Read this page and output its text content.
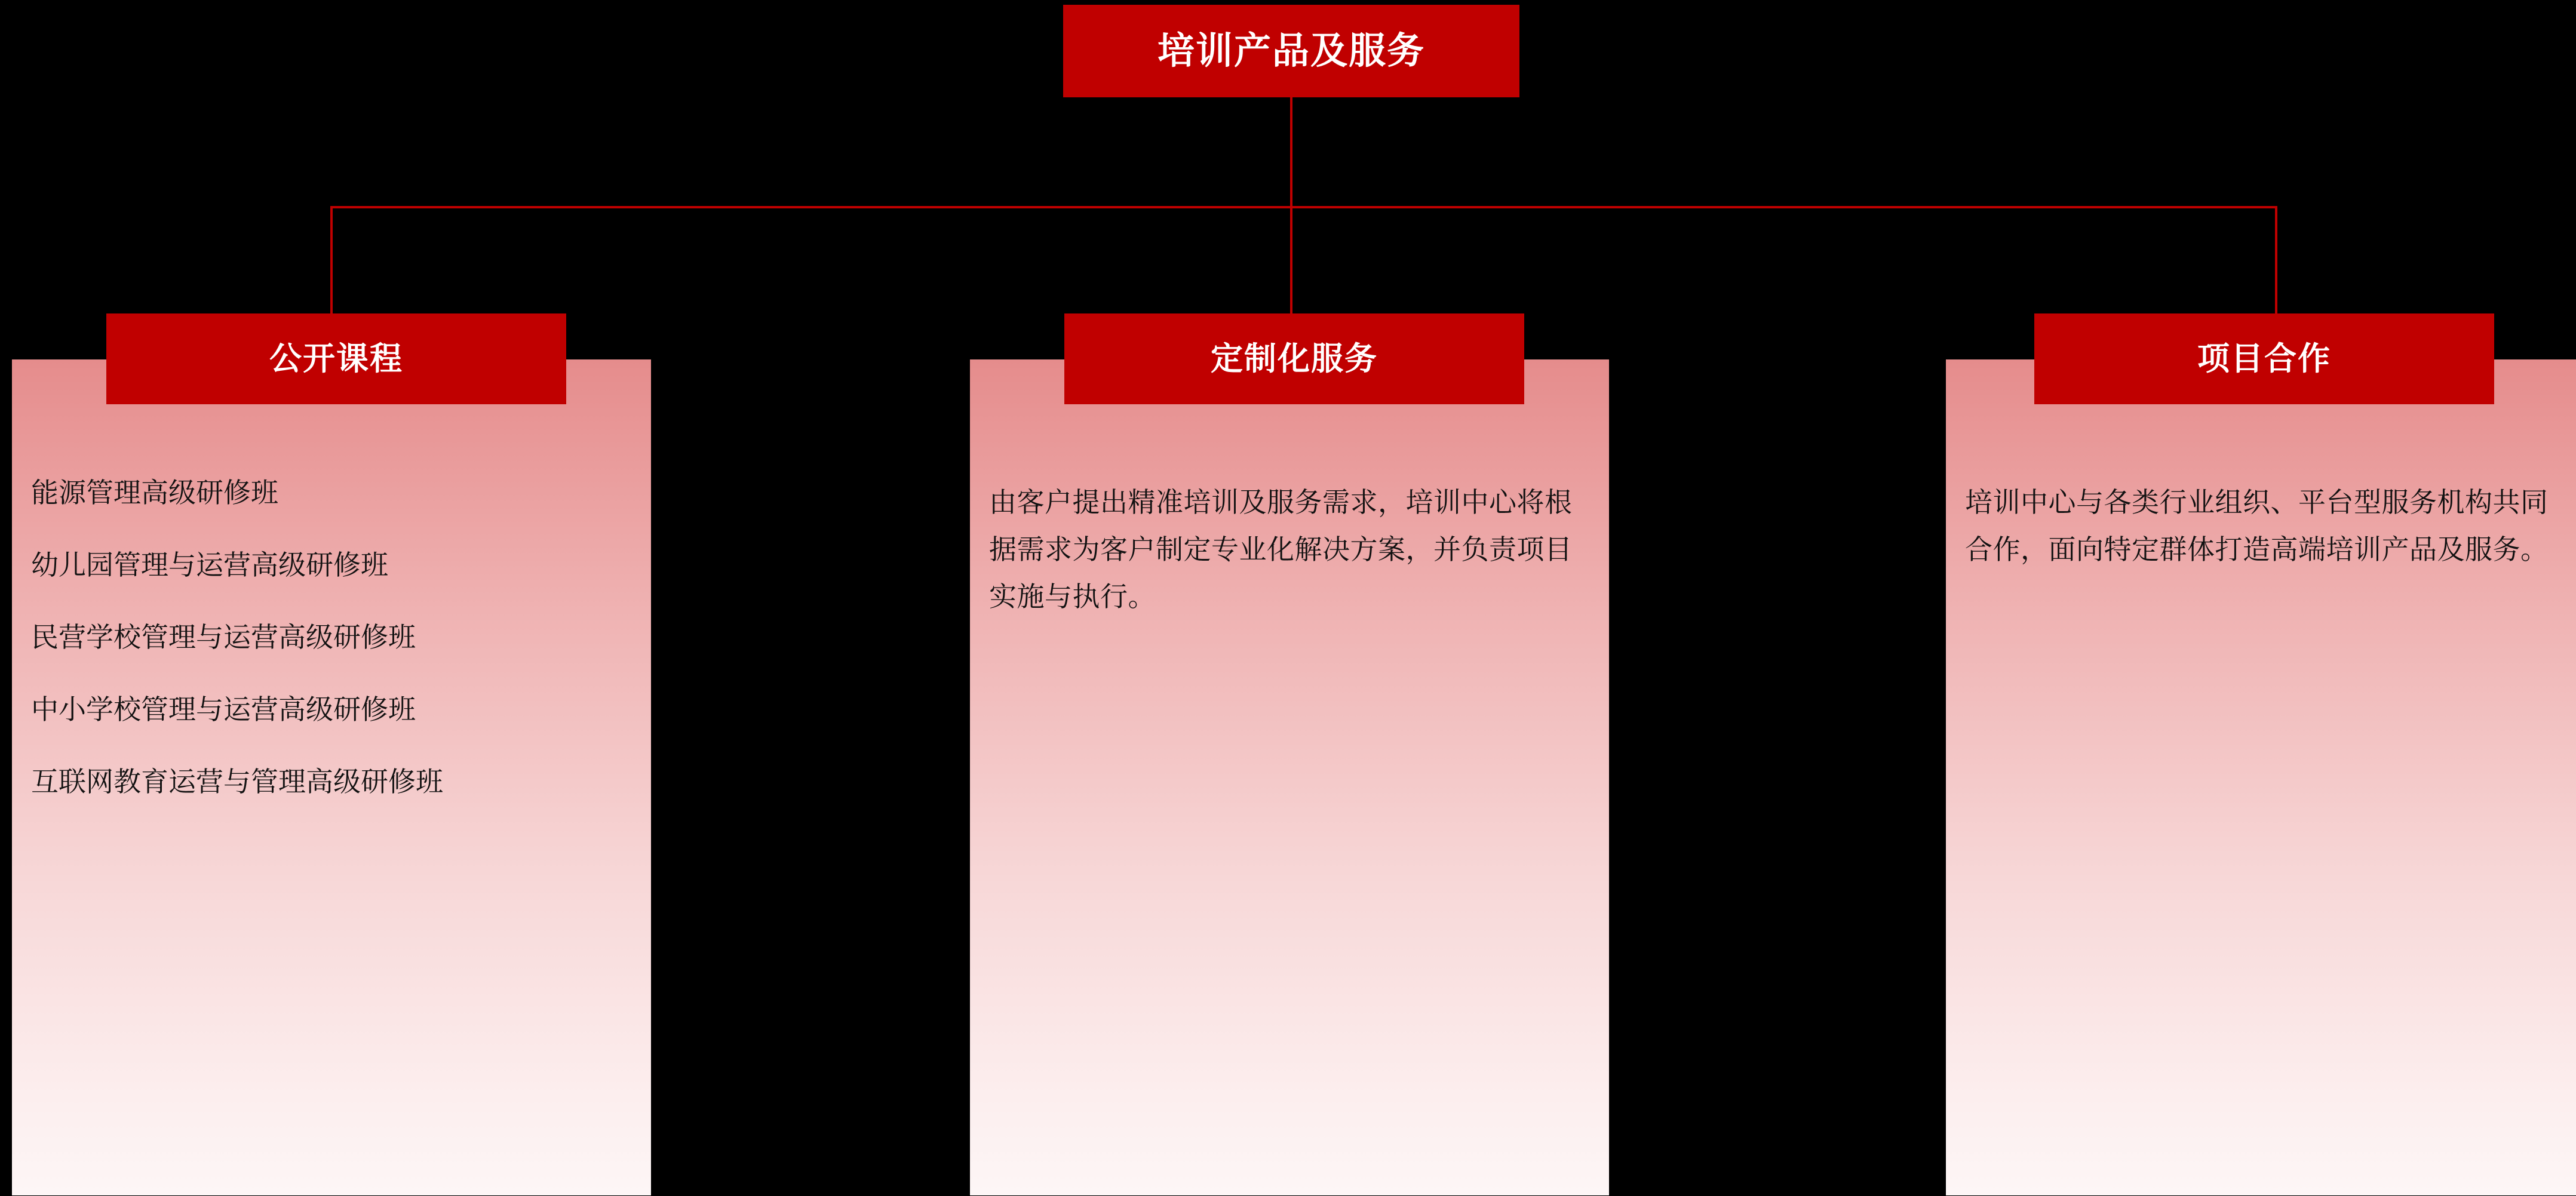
培训产品及服务
能源管理高级研修班
幼儿园管理与运营高级研修班
民营学校管理与运营高级研修班
中小学校管理与运营高级研修班
互联网教育运营与管理高级研修班
公开课程

由客户提出精准培训及服务需求，培训中心将根据需求为客户制定专业化解决方案，并负责项目实施与执行。

定制化服务

培训中心与各类行业组织、平台型服务机构共同合作，面向特定群体打造高端培训产品及服务。

项目合作
